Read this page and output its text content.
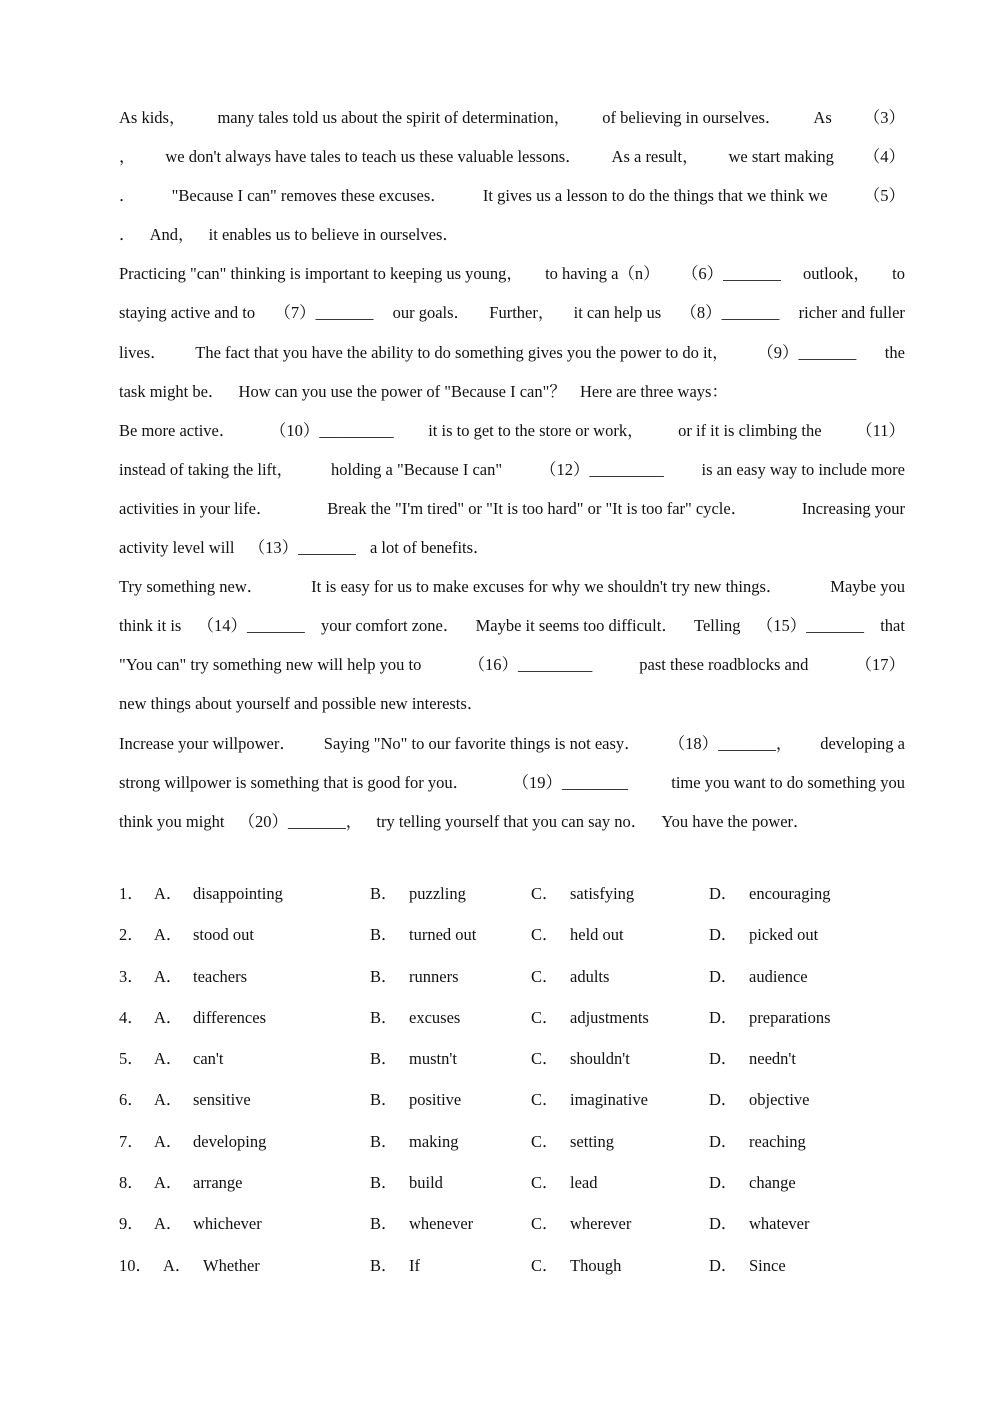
As kids， many tales told us about the spirit of determination， of believing in ourselves． As （3）
， we don't always have tales to teach us these valuable lessons． As a result， we start making （4）
． "Because I can" removes these excuses． It gives us a lesson to do the things that we think we （5）
． And， it enables us to believe in ourselves．
Practicing "can" thinking is important to keeping us young， to having a（n） （6）_______ outlook， to
staying active and to （7）_______ our goals． Further， it can help us （8）_______ richer and fuller
lives． The fact that you have the ability to do something gives you the power to do it， （9）_______ the
task might be． How can you use the power of "Because I can"？ Here are three ways：
Be more active． （10）_________ it is to get to the store or work， or if it is climbing the （11）
instead of taking the lift， holding a "Because I can" （12）_________ is an easy way to include more
activities in your life．	Break the "I'm tired" or "It is too hard" or "It is too far" cycle．	Increasing your
activity level will （13）_______ a lot of benefits．
Try something new．	It is easy for us to make excuses for why we shouldn't try new things．	Maybe you
think it is （14）_______ your comfort zone． Maybe it seems too difficult． Telling （15）_______ that
"You can" try something new will help you to	（16）_________	past these roadblocks and	（17）
new things about yourself and possible new interests．
Increase your willpower． Saying "No" to our favorite things is not easy． （18）_______， developing a
strong willpower is something that is good for you．	（19）________	time you want to do something you
think you might （20）_______， try telling yourself that you can say no． You have the power．
1． A． disappointing	B． puzzling	C． satisfying	D． encouraging
2． A． stood out	B． turned out	C． held out	D． picked out
3． A． teachers	B． runners	C． adults	D． audience
4． A． differences	B． excuses	C． adjustments	D． preparations
5． A． can't	B． mustn't	C． shouldn't	D． needn't
6． A． sensitive	B． positive	C． imaginative	D． objective
7． A． developing	B． making	C． setting	D． reaching
8． A． arrange	B． build	C． lead	D． change
9． A． whichever	B． whenever	C． wherever	D． whatever
10． A． Whether	B． If	C． Though	D． Since
